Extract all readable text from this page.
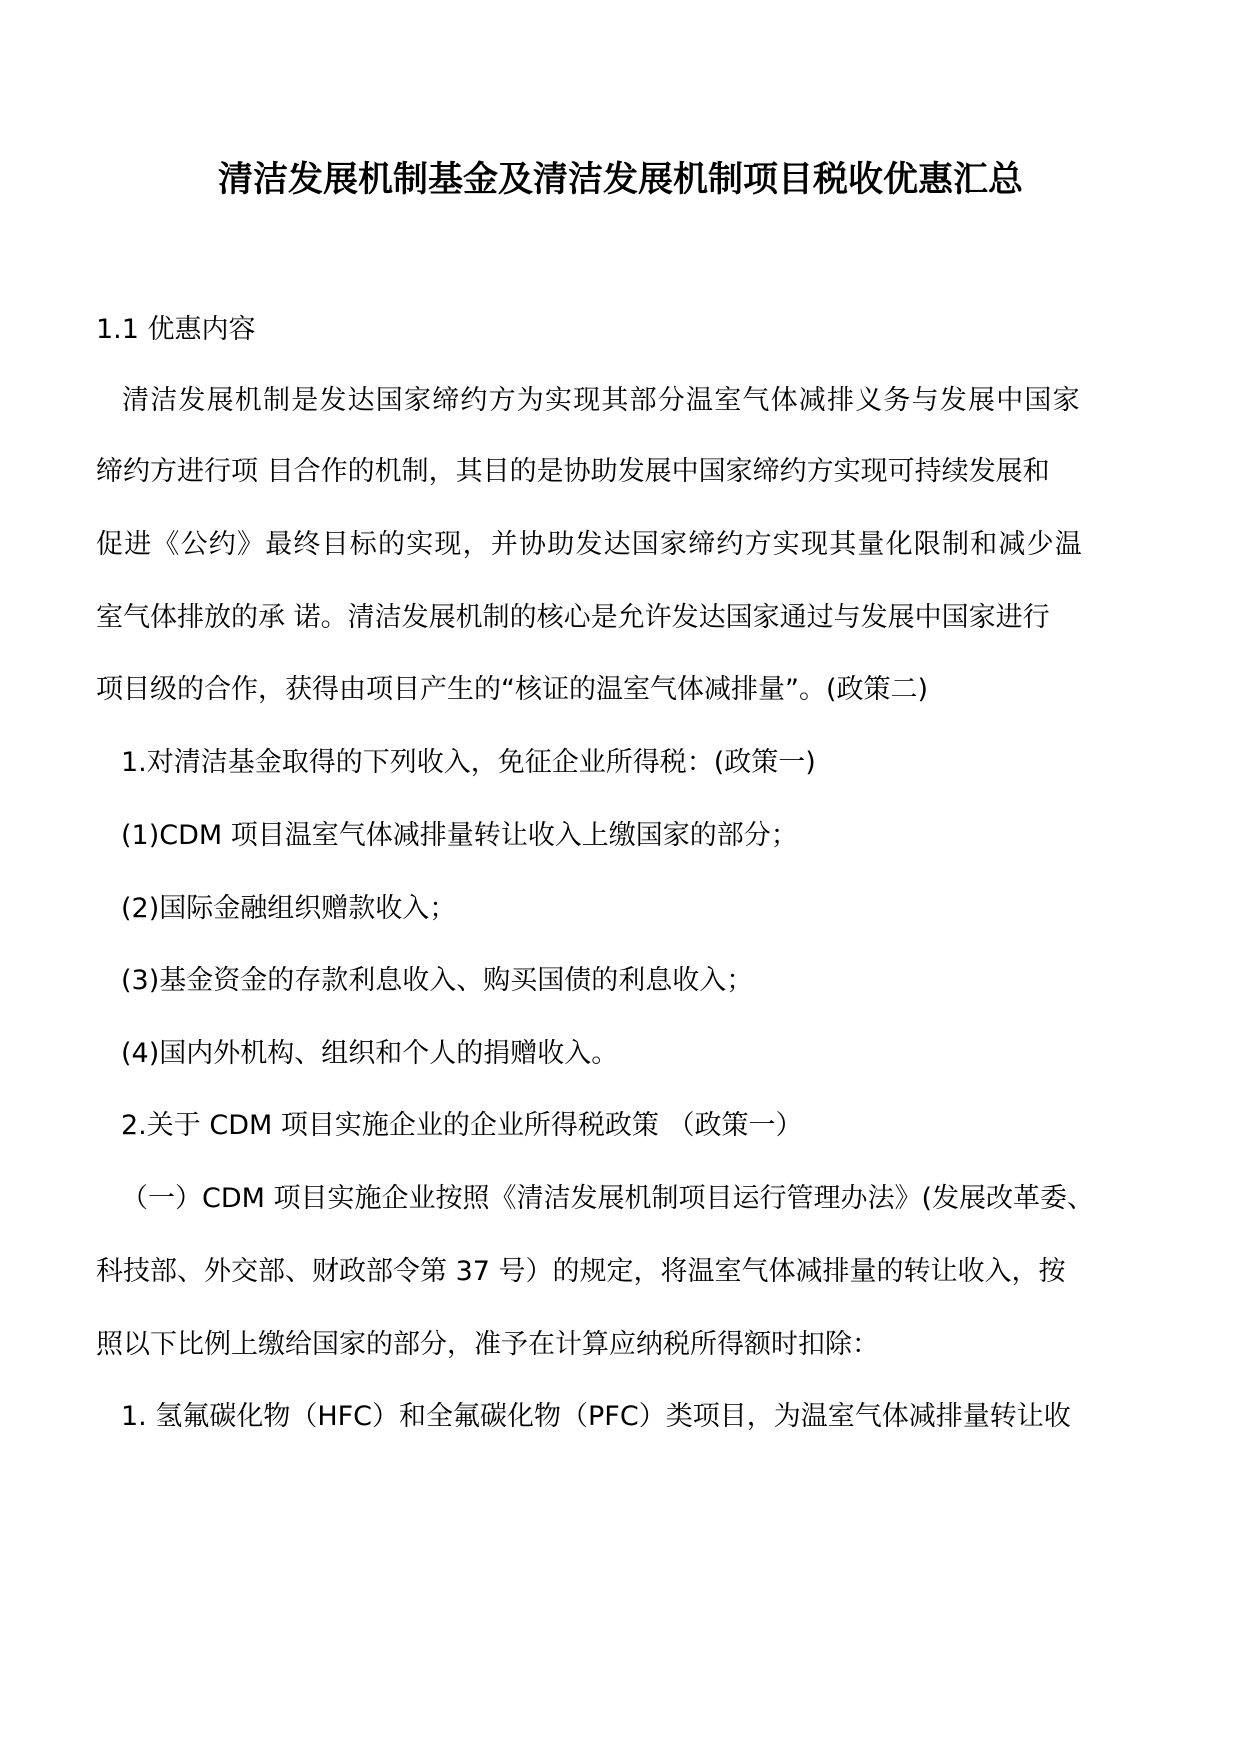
清洁发展机制基金及清洁发展机制项目税收优惠汇总
1.1 优惠内容
清洁发展机制是发达国家缔约方为实现其部分温室气体减排义务与发展中国家
缔约方进行项 目合作的机制，其目的是协助发展中国家缔约方实现可持续发展和
促进《公约》最终目标的实现，并协助发达国家缔约方实现其量化限制和减少温
室气体排放的承 诺。清洁发展机制的核心是允许发达国家通过与发展中国家进行
项目级的合作，获得由项目产生的“核证的温室气体减排量”。(政策二)
1.对清洁基金取得的下列收入，免征企业所得税：(政策一)
(1)CDM 项目温室气体减排量转让收入上缴国家的部分；
(2)国际金融组织赠款收入；
(3)基金资金的存款利息收入、购买国债的利息收入；
(4)国内外机构、组织和个人的捐赠收入。
2.关于 CDM 项目实施企业的企业所得税政策 （政策一）
（一）CDM 项目实施企业按照《清洁发展机制项目运行管理办法》(发展改革委、
科技部、外交部、财政部令第 37 号）的规定，将温室气体减排量的转让收入，按
照以下比例上缴给国家的部分，准予在计算应纳税所得额时扣除：
1. 氢氟碳化物（HFC）和全氟碳化物（PFC）类项目，为温室气体减排量转让收
